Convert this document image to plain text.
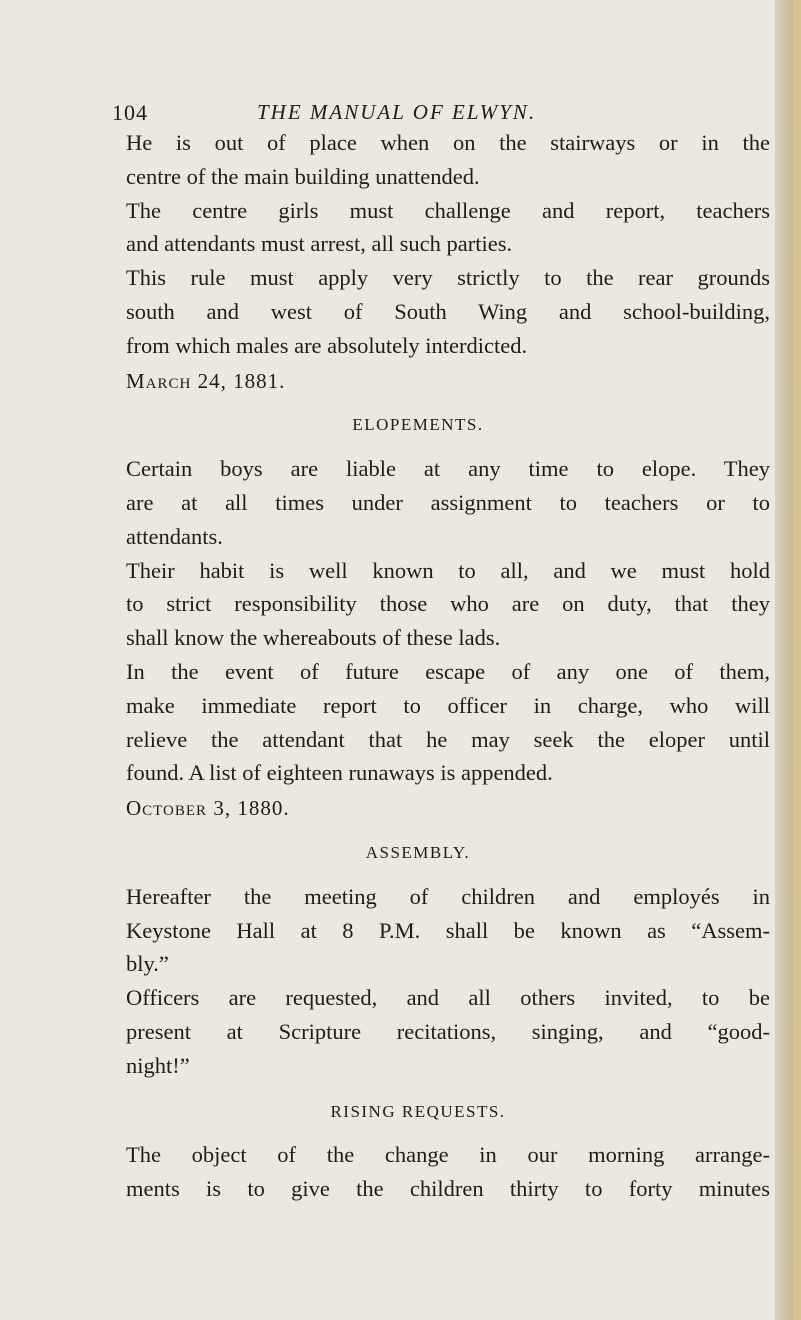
104	THE MANUAL OF ELWYN.
He is out of place when on the stairways or in the
centre of the main building unattended.
The centre girls must challenge and report, teachers
and attendants must arrest, all such parties.
This rule must apply very strictly to the rear grounds
south and west of South Wing and school-building,
from which males are absolutely interdicted.
March 24, 1881.
ELOPEMENTS.
Certain boys are liable at any time to elope. They
are at all times under assignment to teachers or to
attendants.
Their habit is well known to all, and we must hold
to strict responsibility those who are on duty, that they
shall know the whereabouts of these lads.
In the event of future escape of any one of them,
make immediate report to officer in charge, who will
relieve the attendant that he may seek the eloper until
found. A list of eighteen runaways is appended.
October 3, 1880.
ASSEMBLY.
Hereafter the meeting of children and employés in
Keystone Hall at 8 P.M. shall be known as “Assem-
bly.”
Officers are requested, and all others invited, to be
present at Scripture recitations, singing, and “good-
night!”
RISING REQUESTS.
The object of the change in our morning arrange-
ments is to give the children thirty to forty minutes
